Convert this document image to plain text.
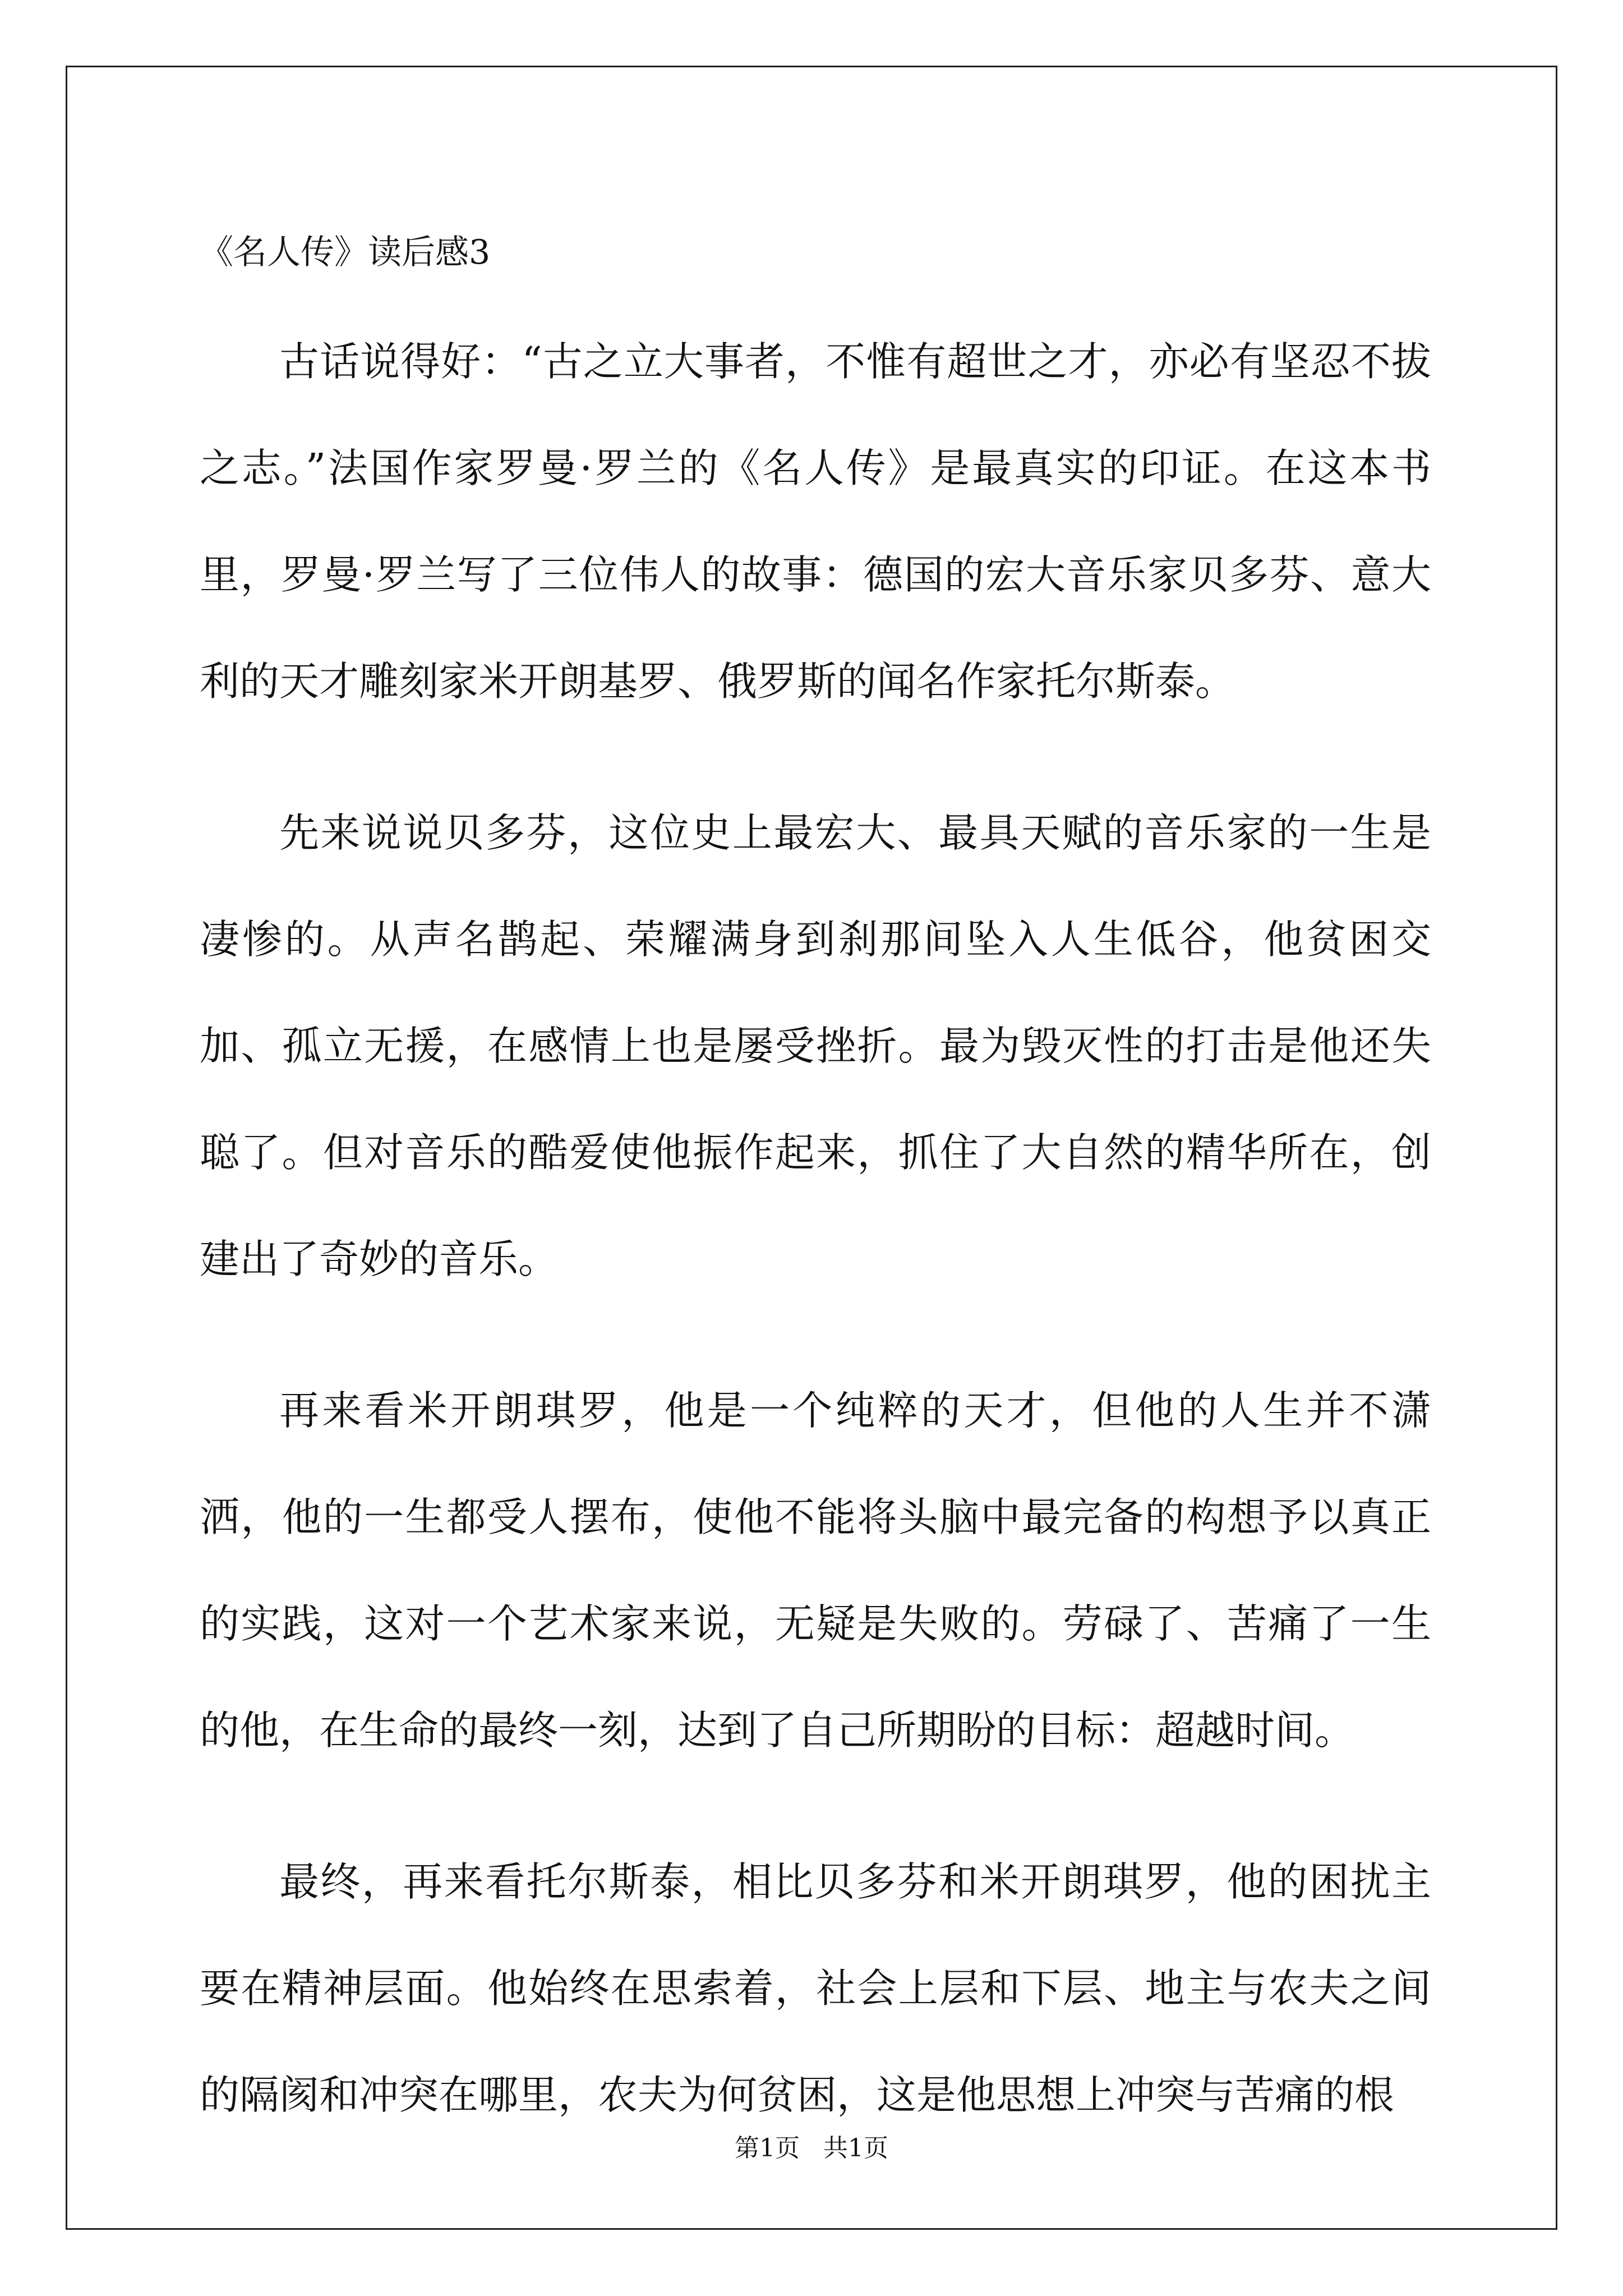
《名人传》读后感3

古话说得好：“古之立大事者，不惟有超世之才，亦必有坚忍不拔之志。”法国作家罗曼·罗兰的《名人传》是最真实的印证。在这本书里，罗曼·罗兰写了三位伟人的故事：德国的宏大音乐家贝多芬、意大利的天才雕刻家米开朗基罗、俄罗斯的闻名作家托尔斯泰。

先来说说贝多芬，这位史上最宏大、最具天赋的音乐家的一生是凄惨的。从声名鹊起、荣耀满身到刹那间坠入人生低谷，他贫困交加、孤立无援，在感情上也是屡受挫折。最为毁灭性的打击是他还失聪了。但对音乐的酷爱使他振作起来，抓住了大自然的精华所在，创建出了奇妙的音乐。

再来看米开朗琪罗，他是一个纯粹的天才，但他的人生并不潇洒，他的一生都受人摆布，使他不能将头脑中最完备的构想予以真正的实践，这对一个艺术家来说，无疑是失败的。劳碌了、苦痛了一生的他，在生命的最终一刻，达到了自己所期盼的目标：超越时间。

最终，再来看托尔斯泰，相比贝多芬和米开朗琪罗，他的困扰主要在精神层面。他始终在思索着，社会上层和下层、地主与农夫之间的隔阂和冲突在哪里，农夫为何贫困，这是他思想上冲突与苦痛的根

第1页 共1页
